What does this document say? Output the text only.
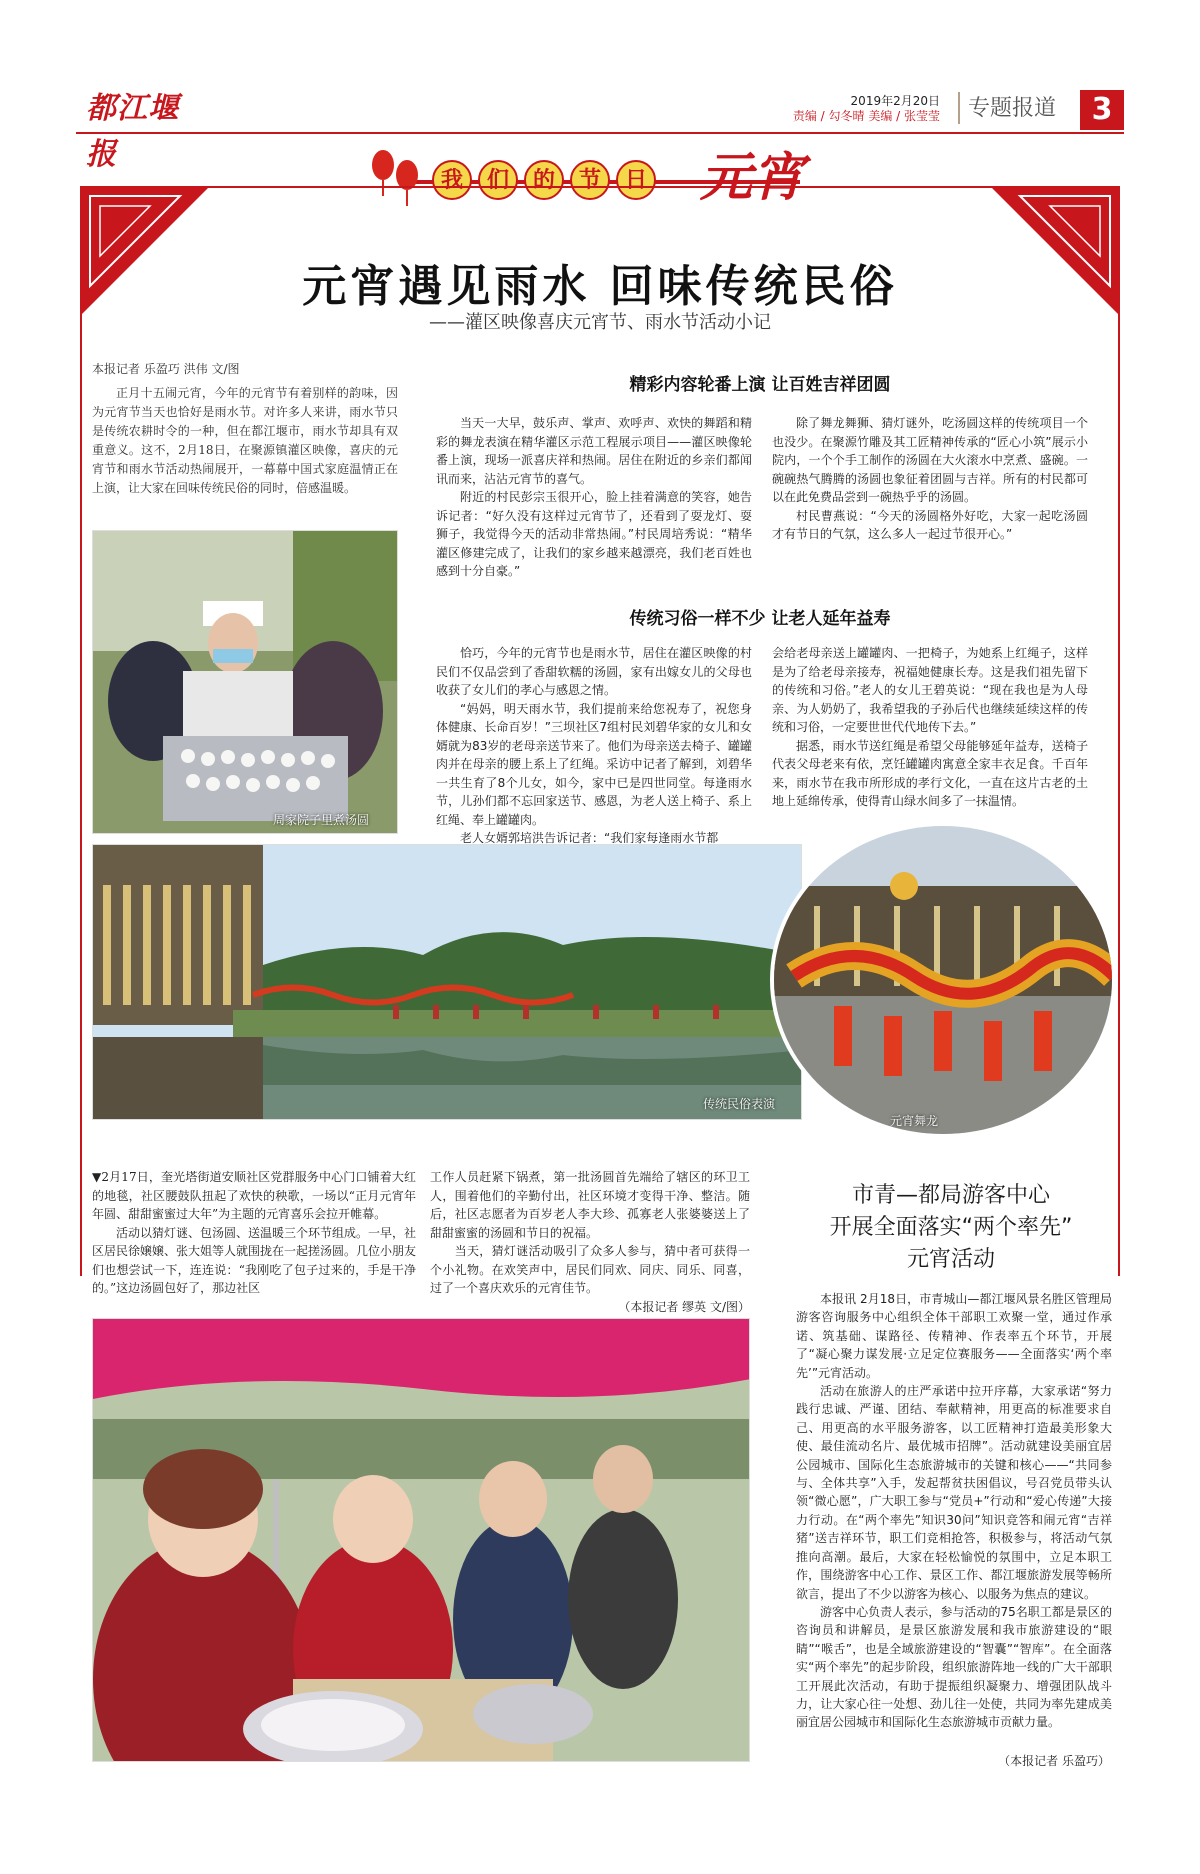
都江堰报
2019年2月20日
责编 / 勾冬晴 美编 / 张莹莹 专题报道	3
我	们	的	节	日 元宵
元宵遇见雨水 回味传统民俗
——灌区映像喜庆元宵节、雨水节活动小记
本报记者 乐盈巧 洪伟 文/图
正月十五闹元宵，今年的元宵节有着别样的韵味，因为元宵节当天也恰好是雨水节。对许多人来讲，雨水节只是传统农耕时令的一种，但在都江堰市，雨水节却具有双重意义。这不，2月18日，在聚源镇灌区映像，喜庆的元宵节和雨水节活动热闹展开，一幕幕中国式家庭温情正在上演，让大家在回味传统民俗的同时，倍感温暖。
周家院子里煮汤圆
精彩内容轮番上演 让百姓吉祥团圆

当天一大早，鼓乐声、掌声、欢呼声、欢快的舞蹈和精彩的舞龙表演在精华灌区示范工程展示项目——灌区映像轮番上演，现场一派喜庆祥和热闹。居住在附近的乡亲们都闻讯而来，沾沾元宵节的喜气。

附近的村民彭宗玉很开心，脸上挂着满意的笑容，她告诉记者：“好久没有这样过元宵节了，还看到了耍龙灯、耍狮子，我觉得今天的活动非常热闹。”村民周培秀说：“精华灌区修建完成了，让我们的家乡越来越漂亮，我们老百姓也感到十分自豪。”

除了舞龙舞狮、猜灯谜外，吃汤圆这样的传统项目一个也没少。在聚源竹雕及其工匠精神传承的“匠心小筑”展示小院内，一个个手工制作的汤圆在大火滚水中烹煮、盛碗。一碗碗热气腾腾的汤圆也象征着团圆与吉祥。所有的村民都可以在此免费品尝到一碗热乎乎的汤圆。

村民曹燕说：“今天的汤圆格外好吃，大家一起吃汤圆才有节日的气氛，这么多人一起过节很开心。”

传统习俗一样不少 让老人延年益寿

恰巧，今年的元宵节也是雨水节，居住在灌区映像的村民们不仅品尝到了香甜软糯的汤圆，家有出嫁女儿的父母也收获了女儿们的孝心与感恩之情。

“妈妈，明天雨水节，我们提前来给您祝寿了，祝您身体健康、长命百岁！”三坝社区7组村民刘碧华家的女儿和女婿就为83岁的老母亲送节来了。他们为母亲送去椅子、罐罐肉并在母亲的腰上系上了红绳。采访中记者了解到，刘碧华一共生育了8个儿女，如今，家中已是四世同堂。每逢雨水节，儿孙们都不忘回家送节、感恩，为老人送上椅子、系上红绳、奉上罐罐肉。

老人女婿郭培洪告诉记者：“我们家每逢雨水节都

会给老母亲送上罐罐肉、一把椅子，为她系上红绳子，这样是为了给老母亲接寿，祝福她健康长寿。这是我们祖先留下的传统和习俗。”老人的女儿王碧英说：“现在我也是为人母亲、为人奶奶了，我希望我的子孙后代也继续延续这样的传统和习俗，一定要世世代代地传下去。”

据悉，雨水节送红绳是希望父母能够延年益寿，送椅子代表父母老来有依，烹饪罐罐肉寓意全家丰衣足食。千百年来，雨水节在我市所形成的孝行文化，一直在这片古老的土地上延绵传承，使得青山绿水间多了一抹温情。

传统民俗表演
元宵舞龙
▼2月17日，奎光塔街道安顺社区党群服务中心门口铺着大红的地毯，社区腰鼓队扭起了欢快的秧歌，一场以“正月元宵年年圆、甜甜蜜蜜过大年”为主题的元宵喜乐会拉开帷幕。
　　活动以猜灯谜、包汤圆、送温暖三个环节组成。一早，社区居民徐嬢嬢、张大姐等人就围拢在一起搓汤圆。几位小朋友们也想尝试一下，连连说：“我刚吃了包子过来的，手是干净的。”这边汤圆包好了，那边社区
工作人员赶紧下锅煮，第一批汤圆首先端给了辖区的环卫工人，围着他们的辛勤付出，社区环境才变得干净、整洁。随后，社区志愿者为百岁老人李大珍、孤寡老人张婆婆送上了甜甜蜜蜜的汤圆和节日的祝福。
　　当天，猜灯谜活动吸引了众多人参与，猜中者可获得一个小礼物。在欢笑声中，居民们同欢、同庆、同乐、同喜，过了一个喜庆欢乐的元宵佳节。
（本报记者 缪英 文/图）
市青—都局游客中心
开展全面落实“两个率先”
元宵活动

本报讯 2月18日，市青城山—都江堰风景名胜区管理局游客咨询服务中心组织全体干部职工欢聚一堂，通过作承诺、筑基础、谋路径、传精神、作表率五个环节，开展了“凝心聚力谋发展·立足定位赛服务——全面落实‘两个率先’”元宵活动。

活动在旅游人的庄严承诺中拉开序幕，大家承诺“努力践行忠诚、严谨、团结、奉献精神，用更高的标准要求自己、用更高的水平服务游客，以工匠精神打造最美形象大使、最佳流动名片、最优城市招牌”。活动就建设美丽宜居公园城市、国际化生态旅游城市的关键和核心——“共同参与、全体共享”入手，发起帮贫扶困倡议，号召党员带头认领“微心愿”，广大职工参与“党员+”行动和“爱心传递”大接力行动。在“两个率先”知识30问”知识竞答和闹元宵“吉祥猪”送吉祥环节，职工们竞相抢答，积极参与，将活动气氛推向高潮。最后，大家在轻松愉悦的氛围中，立足本职工作，围绕游客中心工作、景区工作、都江堰旅游发展等畅所欲言，提出了不少以游客为核心、以服务为焦点的建议。

游客中心负责人表示，参与活动的75名职工都是景区的咨询员和讲解员，是景区旅游发展和我市旅游建设的“眼睛”“喉舌”，也是全域旅游建设的“智囊”“智库”。在全面落实“两个率先”的起步阶段，组织旅游阵地一线的广大干部职工开展此次活动，有助于提振组织凝聚力、增强团队战斗力，让大家心往一处想、劲儿往一处使，共同为率先建成美丽宜居公园城市和国际化生态旅游城市贡献力量。

（本报记者 乐盈巧）
